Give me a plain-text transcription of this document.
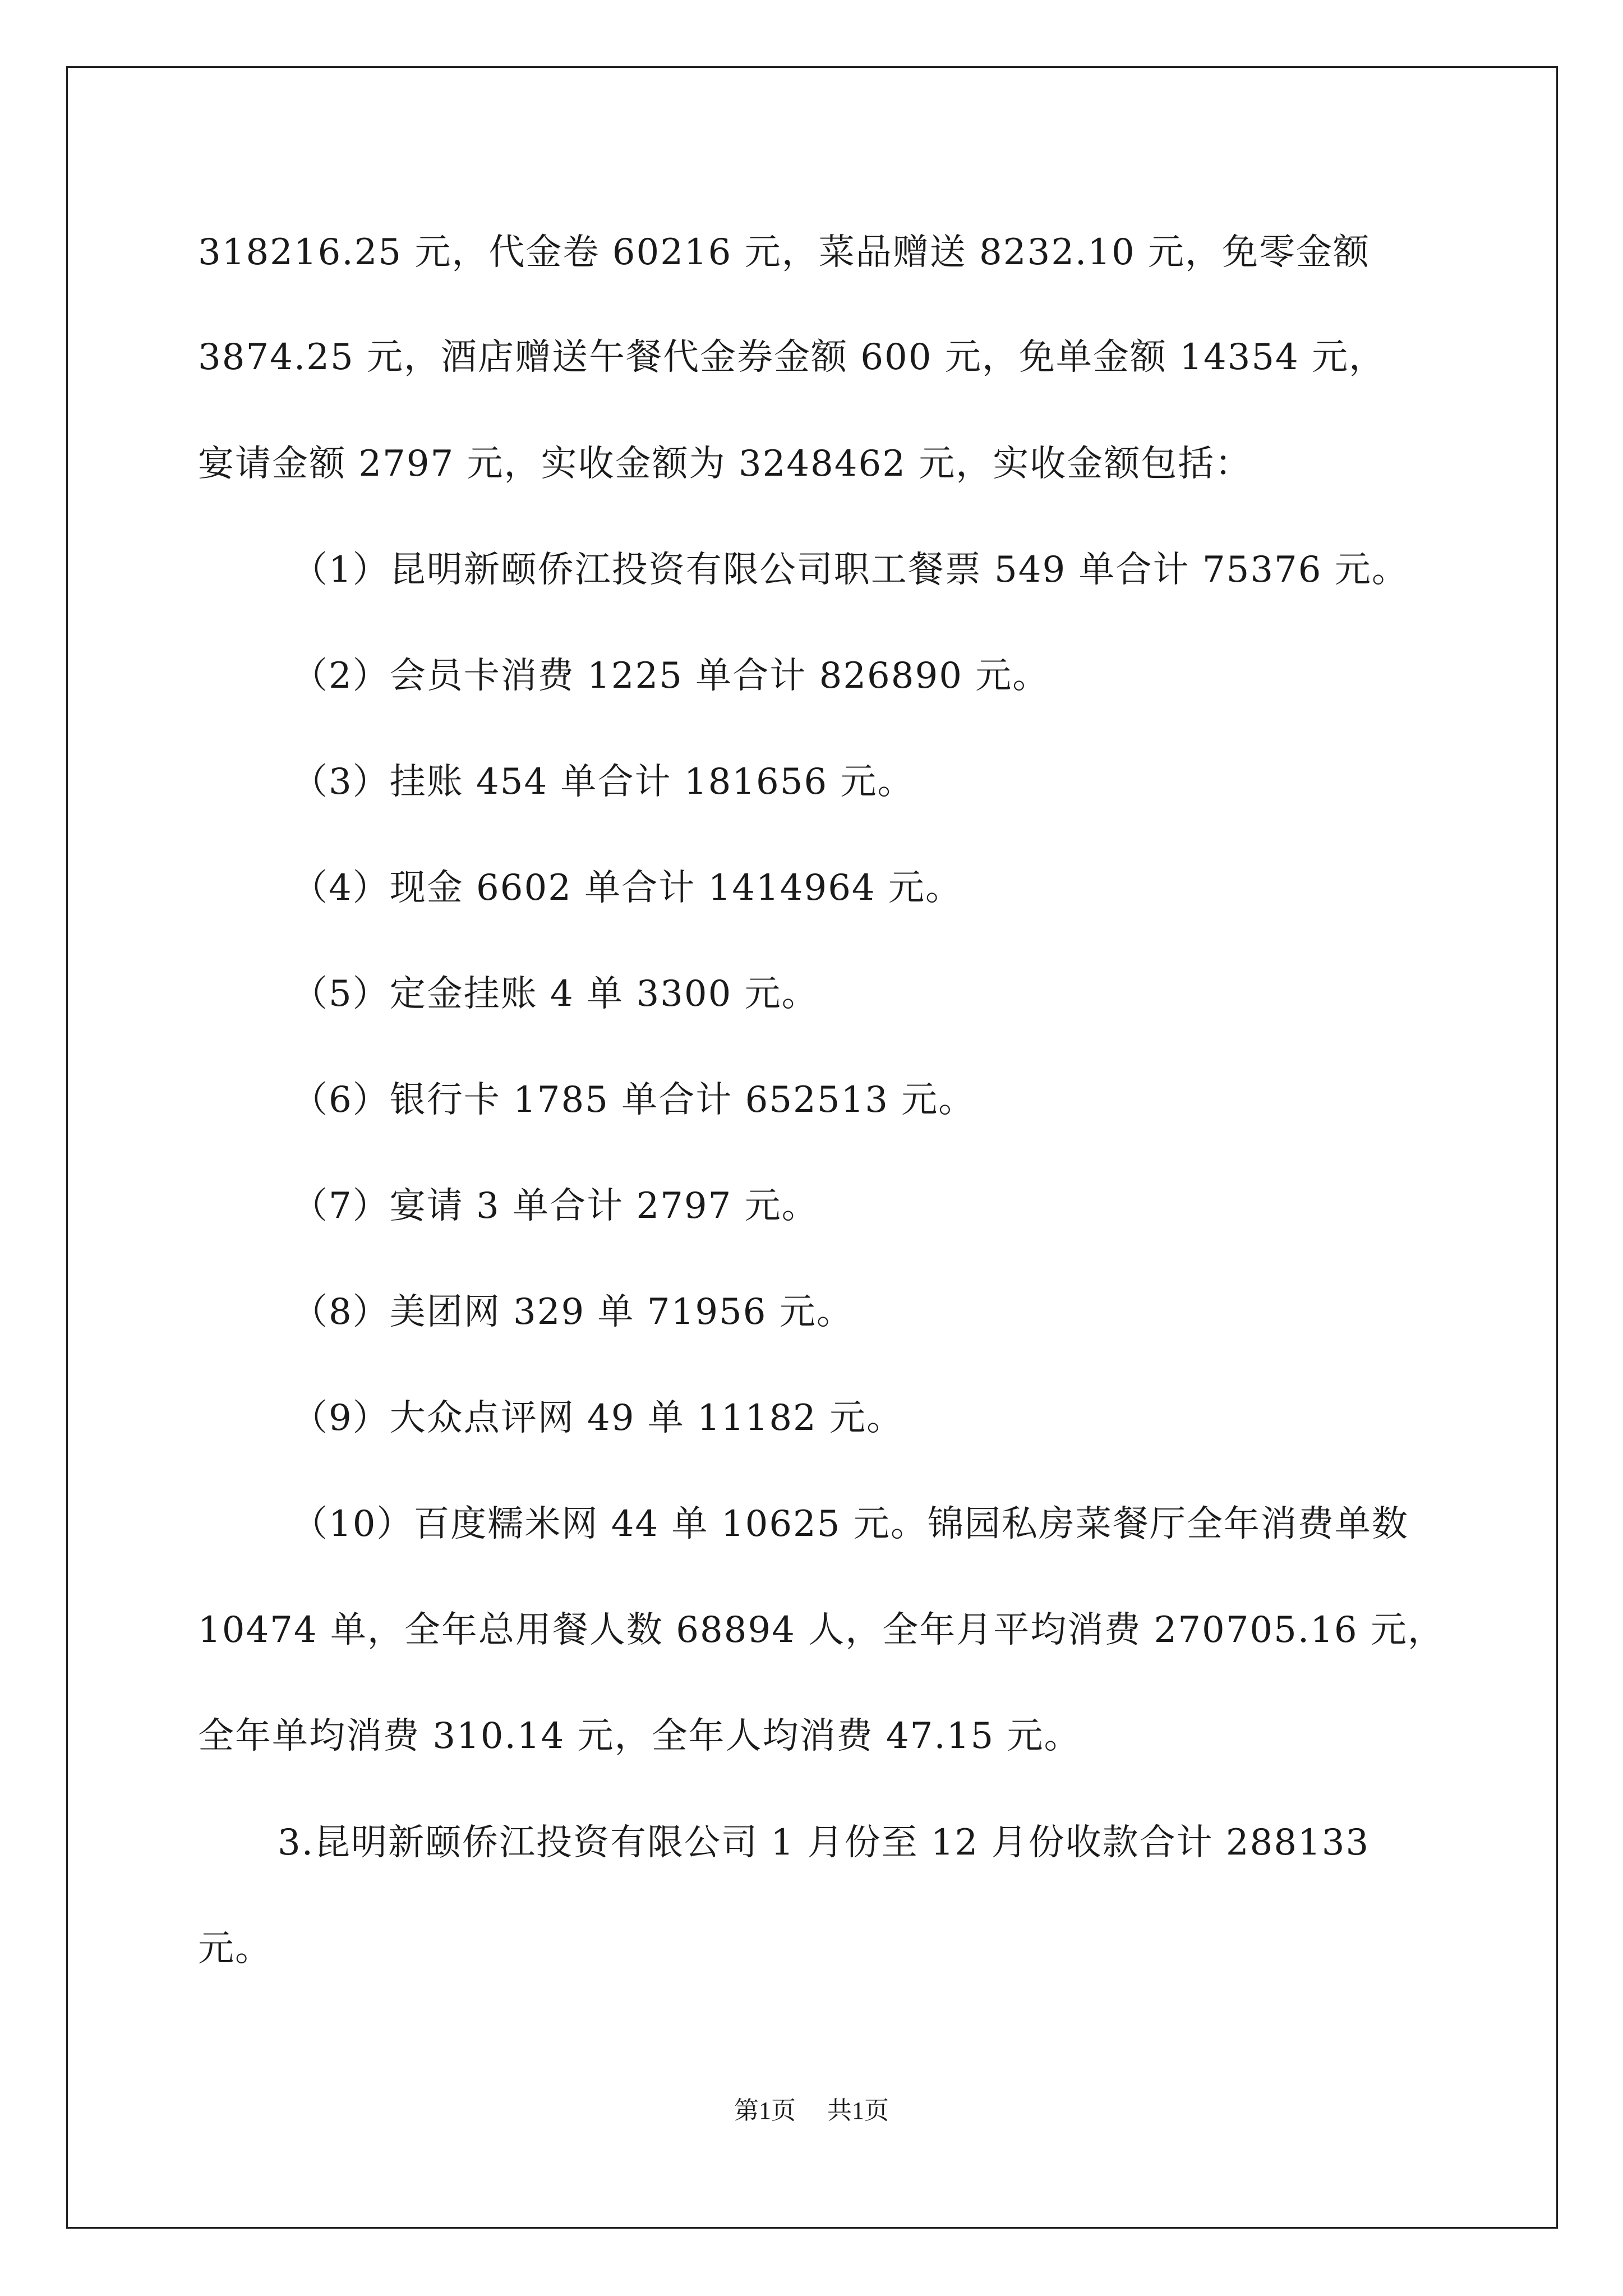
318216.25 元，代金卷 60216 元，菜品赠送 8232.10 元，免零金额
3874.25 元，酒店赠送午餐代金券金额 600 元，免单金额 14354 元，
宴请金额 2797 元，实收金额为 3248462 元，实收金额包括：
（1）昆明新颐侨江投资有限公司职工餐票 549 单合计 75376 元。
（2）会员卡消费 1225 单合计 826890 元。
（3）挂账 454 单合计 181656 元。
（4）现金 6602 单合计 1414964 元。
（5）定金挂账 4 单 3300 元。
（6）银行卡 1785 单合计 652513 元。
（7）宴请 3 单合计 2797 元。
（8）美团网 329 单 71956 元。
（9）大众点评网 49 单 11182 元。
（10）百度糯米网 44 单 10625 元。锦园私房菜餐厅全年消费单数
10474 单，全年总用餐人数 68894 人，全年月平均消费 270705.16 元，
全年单均消费 310.14 元，全年人均消费 47.15 元。
3.昆明新颐侨江投资有限公司 1 月份至 12 月份收款合计 288133
元。
第1页 共1页
